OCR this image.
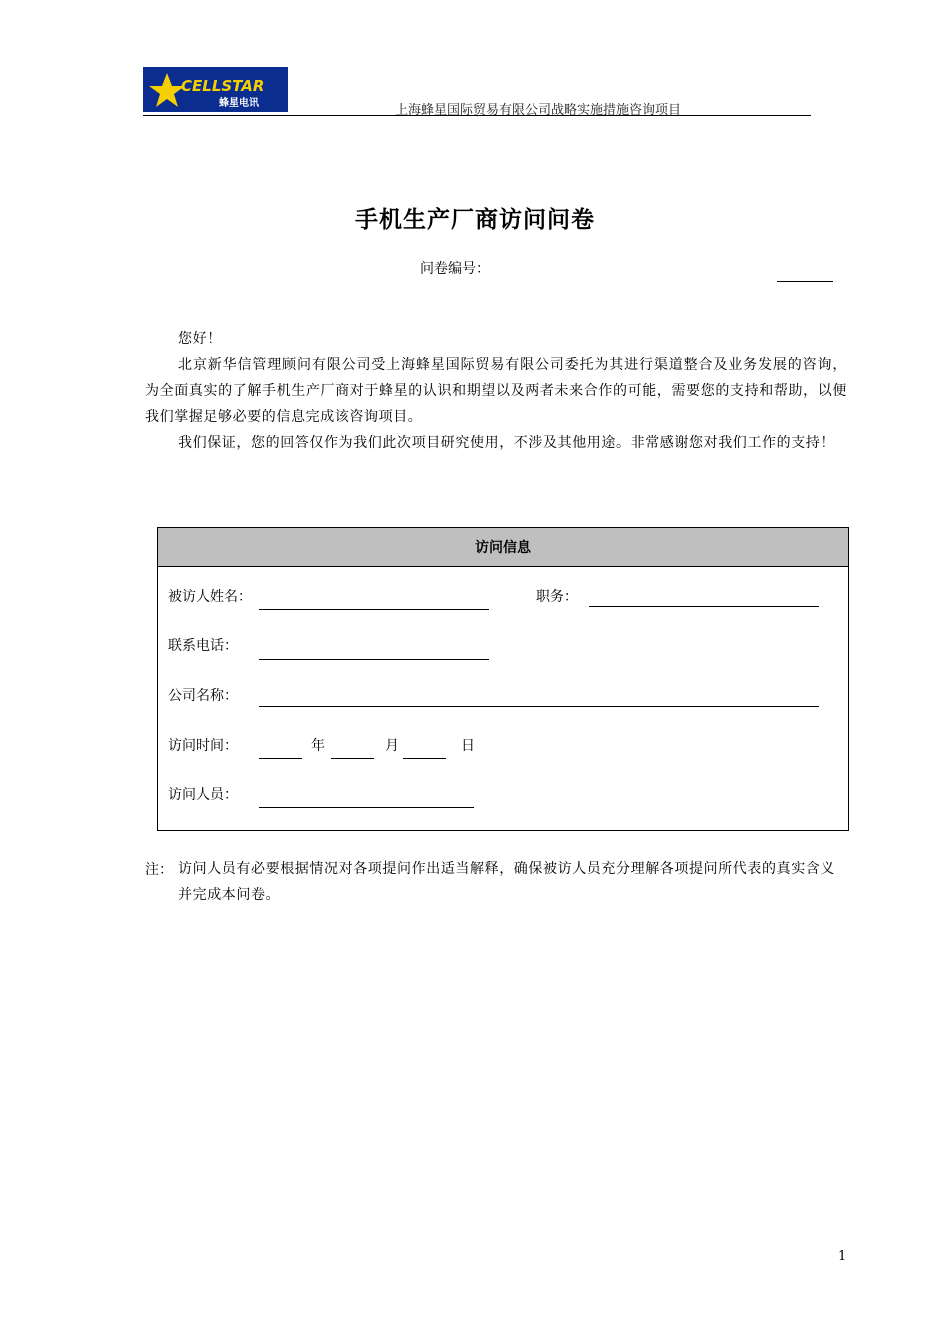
CELLSTAR
蜂星电讯	上海蜂星国际贸易有限公司战略实施措施咨询项目
手机生产厂商访问问卷
问卷编号：
您好！
北京新华信管理顾问有限公司受上海蜂星国际贸易有限公司委托为其进行渠道整合及业务发展的咨询，为全面真实的了解手机生产厂商对于蜂星的认识和期望以及两者未来合作的可能，需要您的支持和帮助，以便我们掌握足够必要的信息完成该咨询项目。
我们保证，您的回答仅作为我们此次项目研究使用，不涉及其他用途。非常感谢您对我们工作的支持！
访问信息
被访人姓名：	职务：
联系电话：
公司名称：
访问时间：	年	月	日
访问人员：
注： 访问人员有必要根据情况对各项提问作出适当解释，确保被访人员充分理解各项提问所代表的真实含义并完成本问卷。
1
